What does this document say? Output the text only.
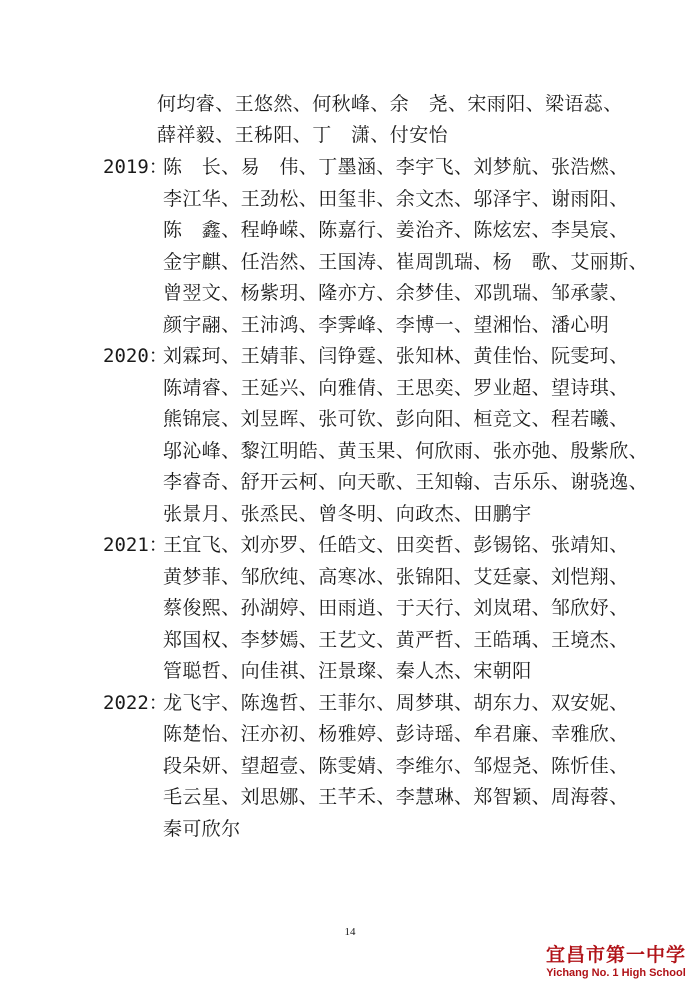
何均睿、王悠然、何秋峰、余　尧、宋雨阳、梁语蕊、
薛祥毅、王秭阳、丁　潇、付安怡
2019：
陈　长、易　伟、丁墨涵、李宇飞、刘梦航、张浩燃、
李江华、王劲松、田玺非、余文杰、邬泽宇、谢雨阳、
陈　鑫、程峥嵘、陈嘉行、姜治齐、陈炫宏、李昊宸、
金宇麒、任浩然、王国涛、崔周凯瑞、杨　歌、艾丽斯、
曾翌文、杨紫玥、隆亦方、余梦佳、邓凯瑞、邹承蒙、
颜宇翮、王沛鸿、李霁峰、李博一、望湘怡、潘心明
2020：
刘霖珂、王婧菲、闫铮霆、张知林、黄佳怡、阮雯珂、
陈靖睿、王延兴、向雅倩、王思奕、罗业超、望诗琪、
熊锦宸、刘昱晖、张可钦、彭向阳、桓竞文、程若曦、
邬沁峰、黎江明皓、黄玉果、何欣雨、张亦弛、殷紫欣、
李睿奇、舒开云柯、向天歌、王知翰、吉乐乐、谢骁逸、
张景月、张烝民、曾冬明、向政杰、田鹏宇
2021：
王宜飞、刘亦罗、任皓文、田奕哲、彭锡铭、张靖知、
黄梦菲、邹欣纯、高寒冰、张锦阳、艾廷豪、刘恺翔、
蔡俊熙、孙湖婷、田雨逍、于天行、刘岚珺、邹欣妤、
郑国权、李梦嫣、王艺文、黄严哲、王皓瑀、王境杰、
管聪哲、向佳祺、汪景璨、秦人杰、宋朝阳
2022：
龙飞宇、陈逸哲、王菲尔、周梦琪、胡东力、双安妮、
陈楚怡、汪亦初、杨雅婷、彭诗瑶、牟君廉、幸雅欣、
段朵妍、望超壹、陈雯婧、李维尔、邹煜尧、陈忻佳、
毛云星、刘思娜、王芊禾、李慧琳、郑智颖、周海蓉、
秦可欣尔
14
宜昌市第一中学
Yichang No. 1 High School
